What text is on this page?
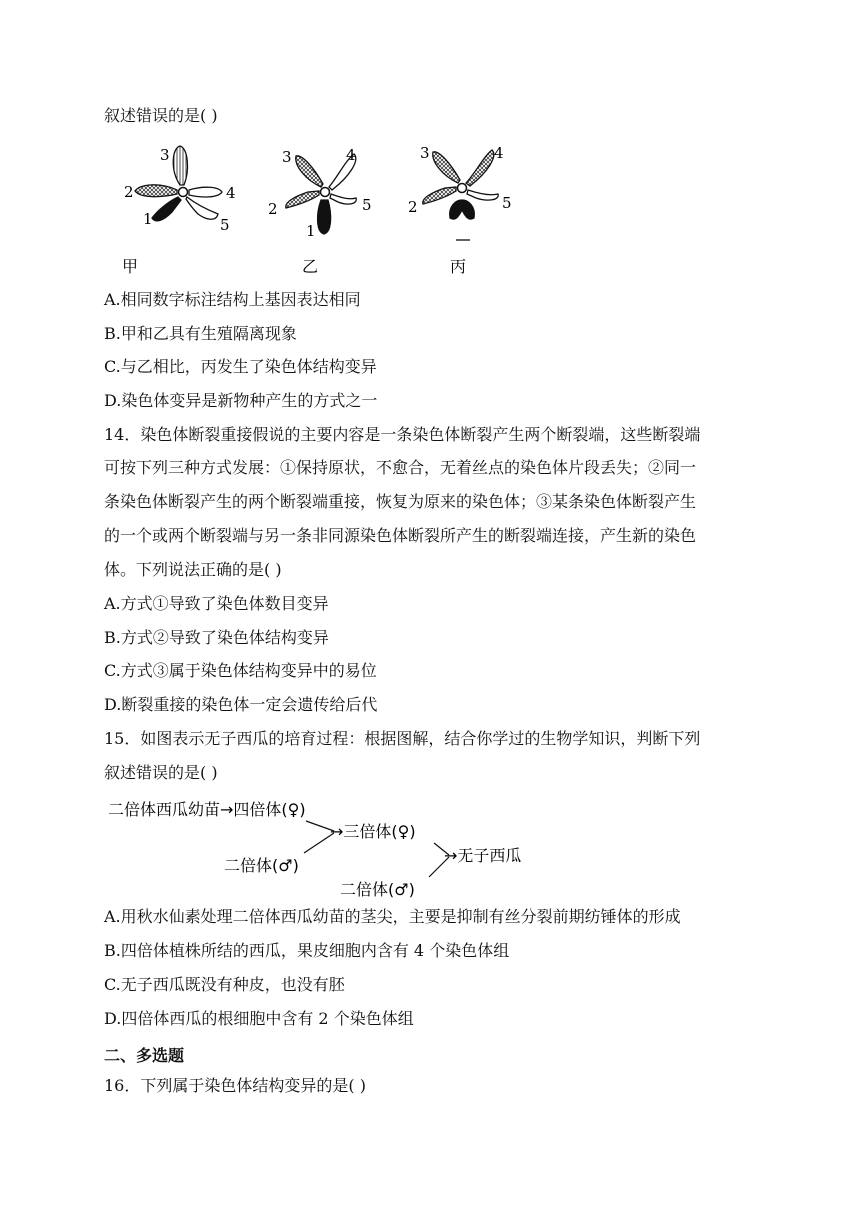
叙述错误的是( )
3
2	4
1	5
甲
3	4
2	5
1
乙
3	4
2	5
丙
A.相同数字标注结构上基因表达相同
B.甲和乙具有生殖隔离现象
C.与乙相比，丙发生了染色体结构变异
D.染色体变异是新物种产生的方式之一
14．染色体断裂重接假说的主要内容是一条染色体断裂产生两个断裂端，这些断裂端
可按下列三种方式发展：①保持原状，不愈合，无着丝点的染色体片段丢失；②同一
条染色体断裂产生的两个断裂端重接，恢复为原来的染色体；③某条染色体断裂产生
的一个或两个断裂端与另一条非同源染色体断裂所产生的断裂端连接，产生新的染色
体。下列说法正确的是( )
A.方式①导致了染色体数目变异
B.方式②导致了染色体结构变异
C.方式③属于染色体结构变异中的易位
D.断裂重接的染色体一定会遗传给后代
15．如图表示无子西瓜的培育过程：根据图解，结合你学过的生物学知识，判断下列
叙述错误的是( )
二倍体西瓜幼苗→四倍体(♀)
→三倍体(♀)
二倍体(♂)
→无子西瓜
二倍体(♂)
A.用秋水仙素处理二倍体西瓜幼苗的茎尖，主要是抑制有丝分裂前期纺锤体的形成
B.四倍体植株所结的西瓜，果皮细胞内含有 4 个染色体组
C.无子西瓜既没有种皮，也没有胚
D.四倍体西瓜的根细胞中含有 2 个染色体组
二、多选题
16．下列属于染色体结构变异的是( )
